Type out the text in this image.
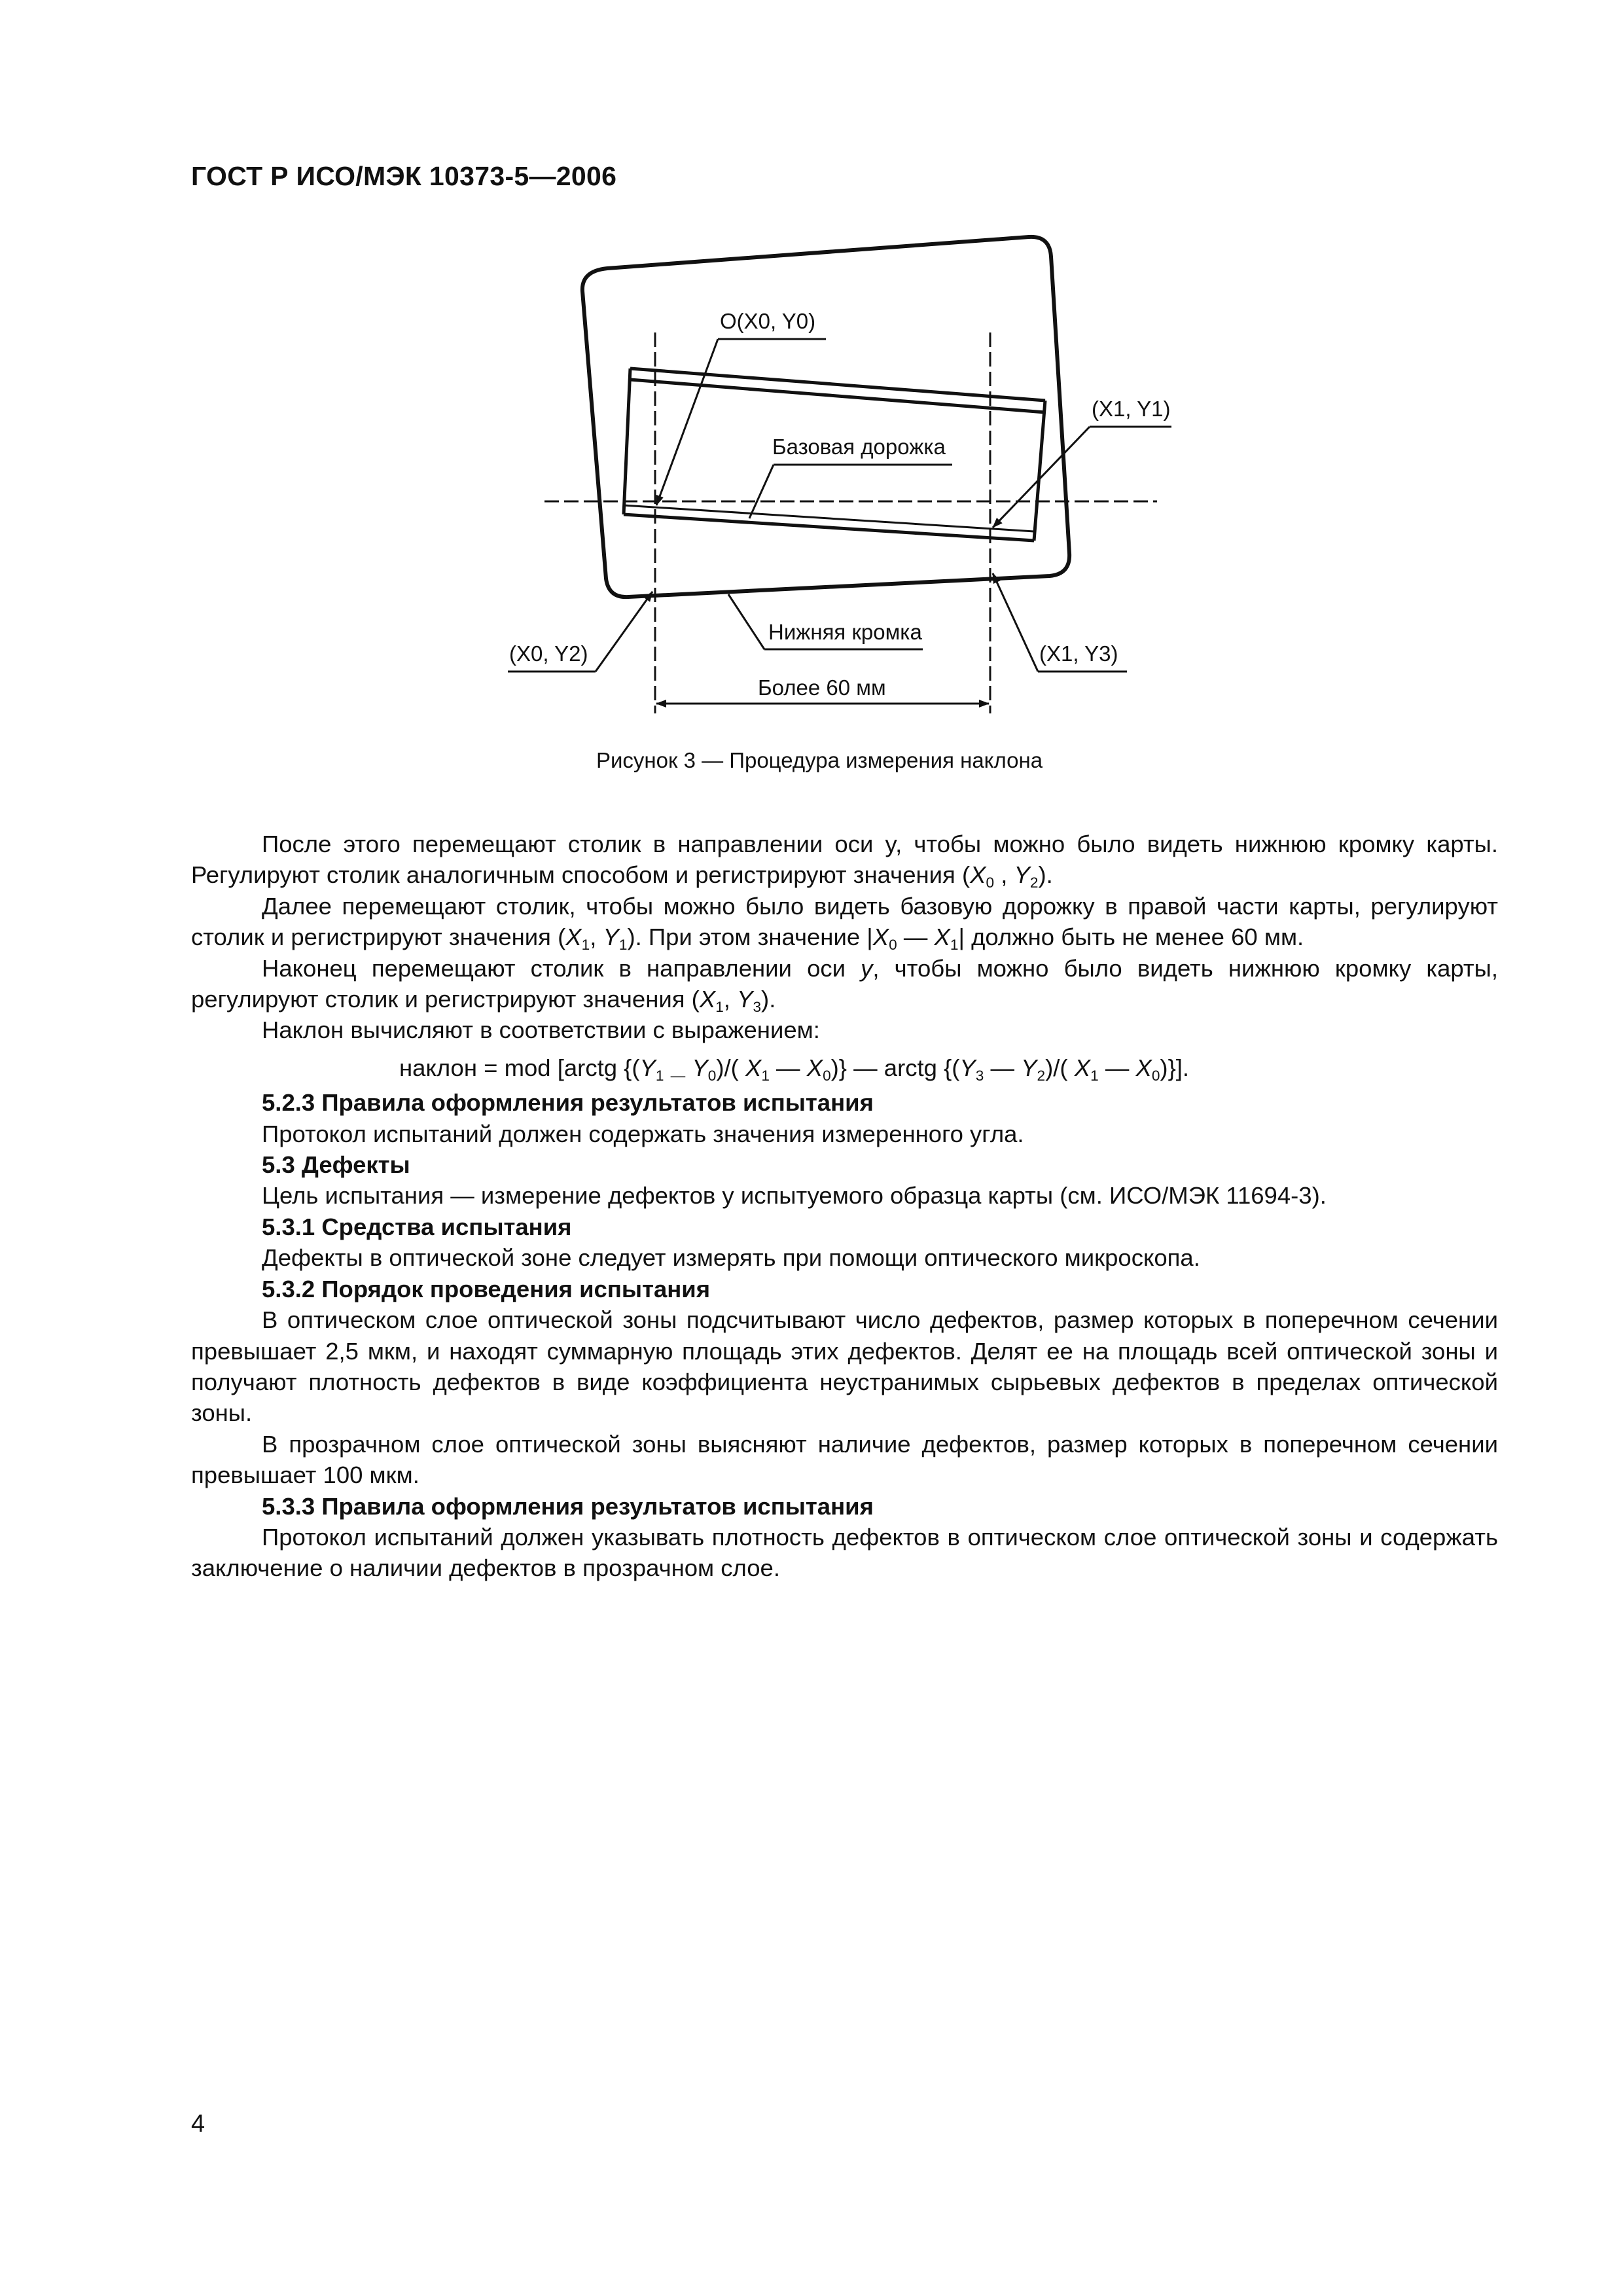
ГОСТ Р ИСО/МЭК 10373-5—2006
O(X0, Y0)
(X1, Y1)
Базовая дорожка
(X0, Y2)
Нижняя кромка
(X1, Y3)
Более 60 мм
Рисунок 3 — Процедура измерения наклона

После этого перемещают столик в направлении оси y, чтобы можно было видеть нижнюю кромку карты. Регулируют столик аналогичным способом и регистрируют значения ($X_0$ , $Y_2$).

Далее перемещают столик, чтобы можно было видеть базовую дорожку в правой части карты, регулируют столик и регистрируют значения ($X_1$, $Y_1$). При этом значение $|X_0$ — $X_1|$ должно быть не менее 60 мм.

Наконец перемещают столик в направлении оси y, чтобы можно было видеть нижнюю кромку карты, регулируют столик и регистрируют значения ($X_1$, $Y_3$).

Наклон вычисляют в соответствии с выражением:

наклон = mod [arctg {($Y_1$ $_—$ $Y_0)/$( $X_1$ — $X_0$)} — arctg {($Y_3$ — $Y_2)/$( $X_1$ — $X_0$)}].
5.2.3 Правила оформления результатов испытания

Протокол испытаний должен содержать значения измеренного угла.

5.3 Дефекты

Цель испытания — измерение дефектов у испытуемого образца карты (см. ИСО/МЭК 11694-3).

5.3.1 Средства испытания

Дефекты в оптической зоне следует измерять при помощи оптического микроскопа.

5.3.2 Порядок проведения испытания

В оптическом слое оптической зоны подсчитывают число дефектов, размер которых в поперечном сечении превышает 2,5 мкм, и находят суммарную площадь этих дефектов. Делят ее на площадь всей оптической зоны и получают плотность дефектов в виде коэффициента неустранимых сырьевых дефектов в пределах оптической зоны.

В прозрачном слое оптической зоны выясняют наличие дефектов, размер которых в поперечном сечении превышает 100 мкм.

5.3.3 Правила оформления результатов испытания

Протокол испытаний должен указывать плотность дефектов в оптическом слое оптической зоны и содержать заключение о наличии дефектов в прозрачном слое.

4
